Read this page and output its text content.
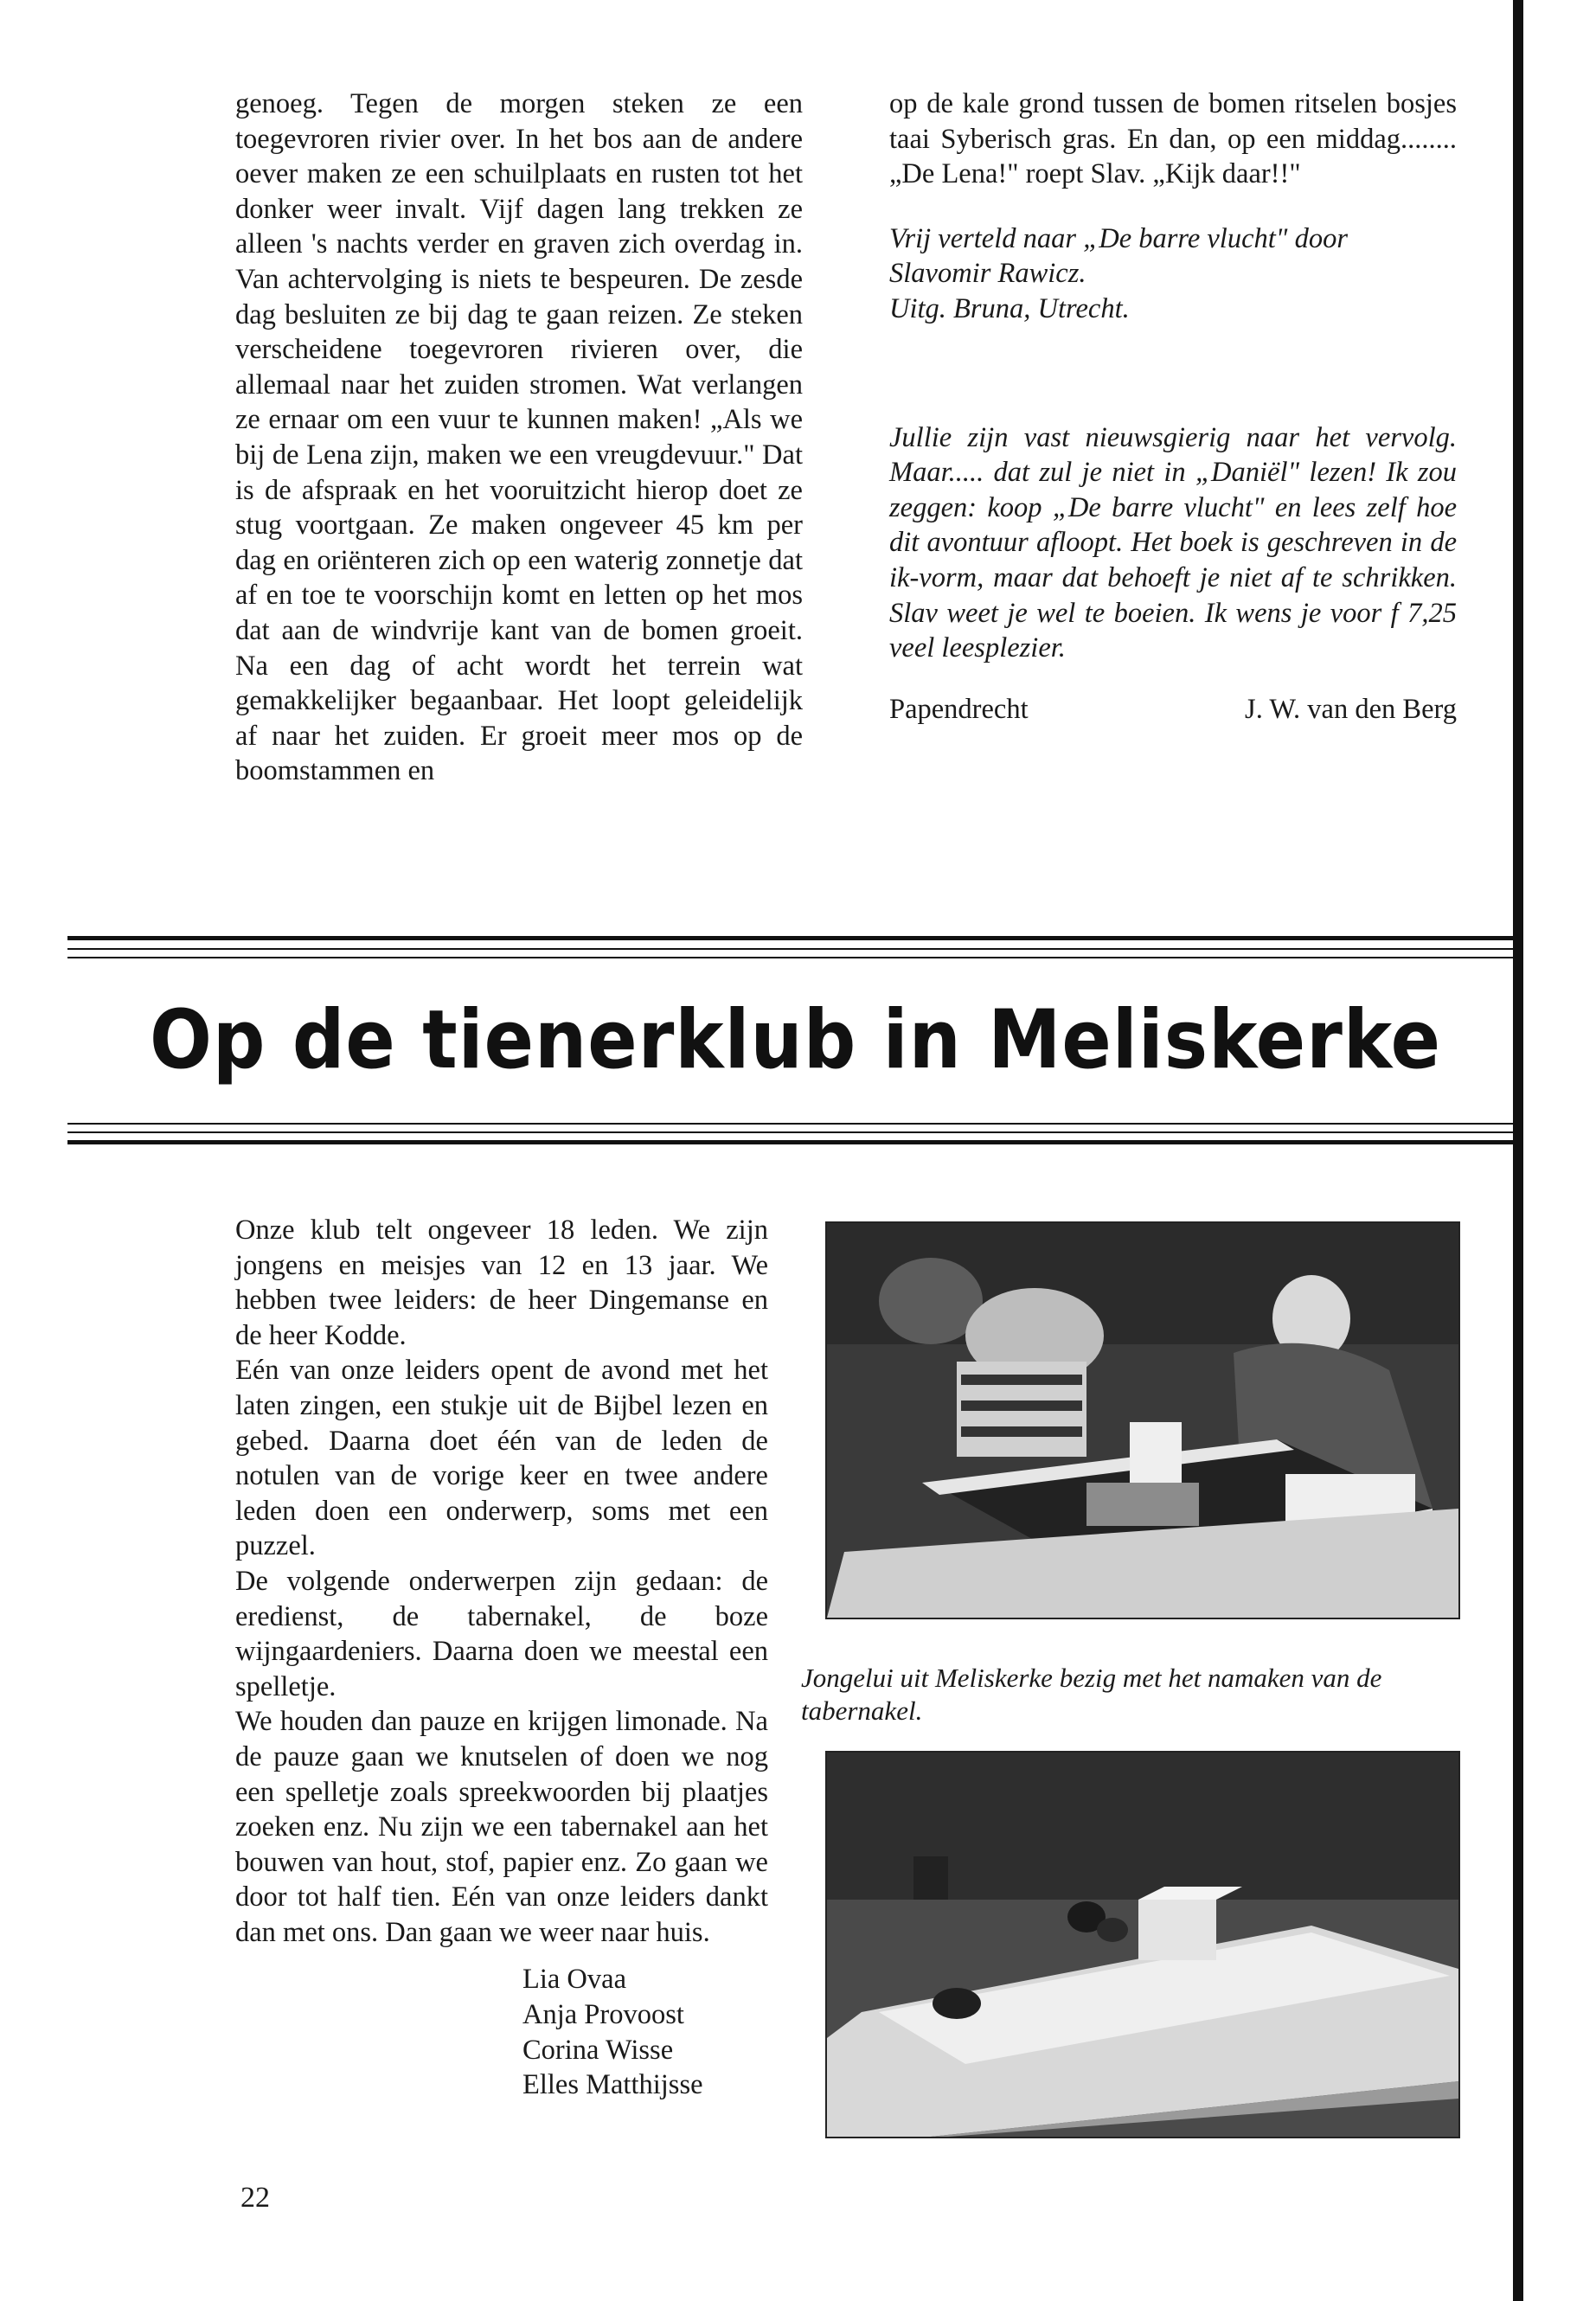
genoeg. Tegen de morgen steken ze een toegevroren rivier over. In het bos aan de andere oever maken ze een schuilplaats en rusten tot het donker weer invalt. Vijf dagen lang trekken ze alleen 's nachts verder en graven zich overdag in. Van achtervolging is niets te bespeuren. De zesde dag besluiten ze bij dag te gaan reizen. Ze steken verscheidene toegevroren rivieren over, die allemaal naar het zuiden stromen. Wat verlangen ze ernaar om een vuur te kunnen maken! „Als we bij de Lena zijn, maken we een vreugdevuur." Dat is de afspraak en het vooruitzicht hierop doet ze stug voortgaan. Ze maken ongeveer 45 km per dag en oriënteren zich op een waterig zonnetje dat af en toe te voorschijn komt en letten op het mos dat aan de windvrije kant van de bomen groeit. Na een dag of acht wordt het terrein wat gemakkelijker begaanbaar. Het loopt geleidelijk af naar het zuiden. Er groeit meer mos op de boomstammen en

op de kale grond tussen de bomen ritselen bosjes taai Syberisch gras. En dan, op een middag........ „De Lena!" roept Slav. „Kijk daar!!"

Vrij verteld naar „De barre vlucht" door

Slavomir Rawicz.

Uitg. Bruna, Utrecht.

Jullie zijn vast nieuwsgierig naar het vervolg. Maar..... dat zul je niet in „Daniël" lezen! Ik zou zeggen: koop „De barre vlucht" en lees zelf hoe dit avontuur afloopt. Het boek is geschreven in de ik-vorm, maar dat behoeft je niet af te schrikken. Slav weet je wel te boeien. Ik wens je voor f 7,25 veel leesplezier.

Papendrecht	J. W. van den Berg
Op de tienerklub in Meliskerke

Onze klub telt ongeveer 18 leden. We zijn jongens en meisjes van 12 en 13 jaar. We hebben twee leiders: de heer Dingemanse en de heer Kodde.

Eén van onze leiders opent de avond met het laten zingen, een stukje uit de Bijbel lezen en gebed. Daarna doet één van de leden de notulen van de vorige keer en twee andere leden doen een onderwerp, soms met een puzzel.

De volgende onderwerpen zijn gedaan: de eredienst, de tabernakel, de boze wijngaardeniers. Daarna doen we meestal een spelletje.

We houden dan pauze en krijgen limonade. Na de pauze gaan we knutselen of doen we nog een spelletje zoals spreekwoorden bij plaatjes zoeken enz. Nu zijn we een tabernakel aan het bouwen van hout, stof, papier enz. Zo gaan we door tot half tien. Eén van onze leiders dankt dan met ons. Dan gaan we weer naar huis.

Lia Ovaa
Anja Provoost
Corina Wisse
Elles Matthijsse

Jongelui uit Meliskerke bezig met het namaken van de tabernakel.

22
